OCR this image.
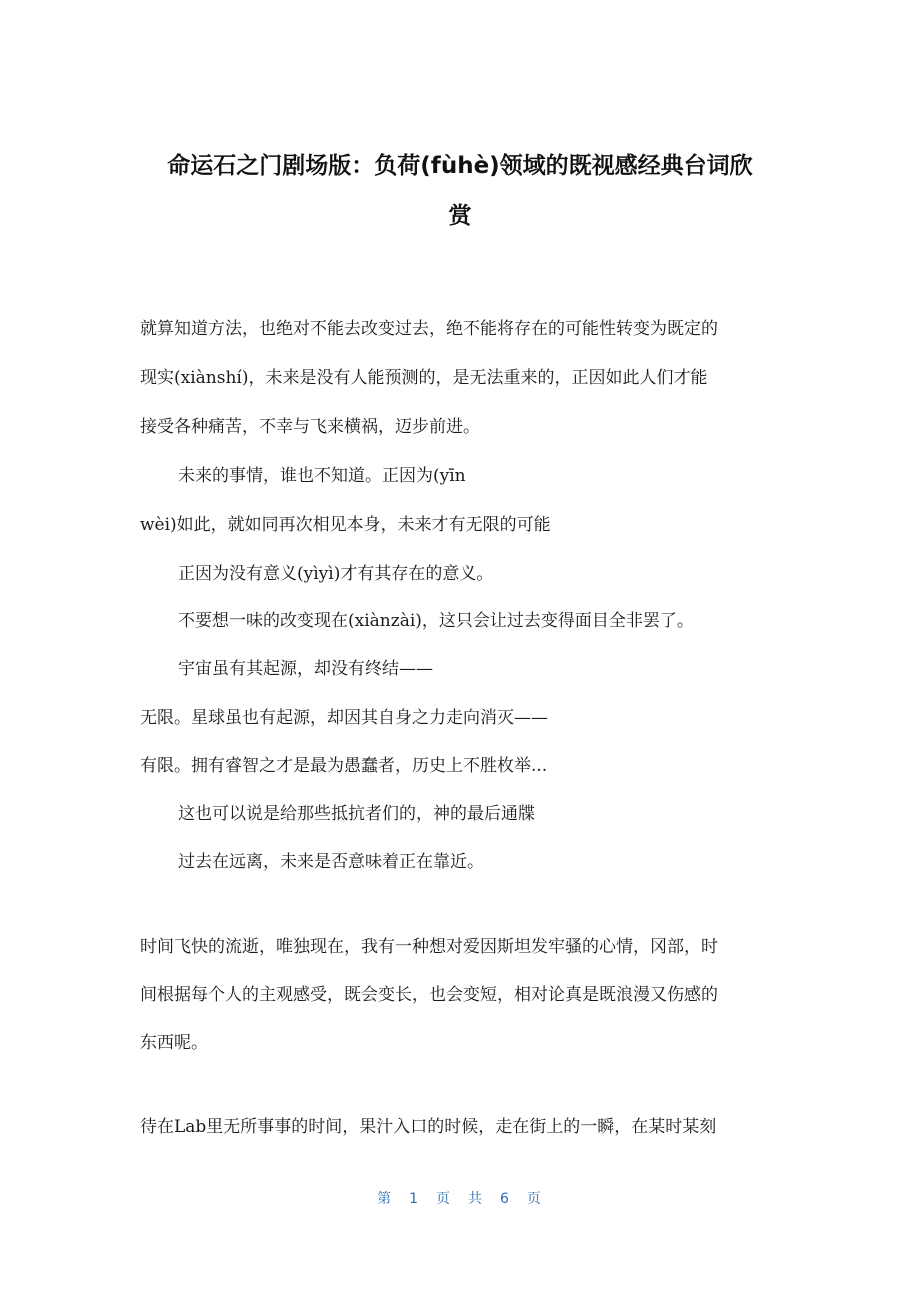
命运石之门剧场版：负荷(fùhè)领域的既视感经典台词欣
赏

就算知道方法，也绝对不能去改变过去，绝不能将存在的可能性转变为既定的

现实(xiànshí)，未来是没有人能预测的，是无法重来的，正因如此人们才能

接受各种痛苦，不幸与飞来横祸，迈步前进。

未来的事情，谁也不知道。正因为(yīn

wèi)如此，就如同再次相见本身，未来才有无限的可能

正因为没有意义(yìyì)才有其存在的意义。

不要想一味的改变现在(xiànzài)，这只会让过去变得面目全非罢了。

宇宙虽有其起源，却没有终结——

无限。星球虽也有起源，却因其自身之力走向消灭——

有限。拥有睿智之才是最为愚蠢者，历史上不胜枚举...

这也可以说是给那些抵抗者们的，神的最后通牒

过去在远离，未来是否意味着正在靠近。

时间飞快的流逝，唯独现在，我有一种想对爱因斯坦发牢骚的心情，冈部，时

间根据每个人的主观感受，既会变长，也会变短，相对论真是既浪漫又伤感的

东西呢。

待在Lab里无所事事的时间，果汁入口的时候，走在街上的一瞬，在某时某刻

第 1 页 共 6 页
